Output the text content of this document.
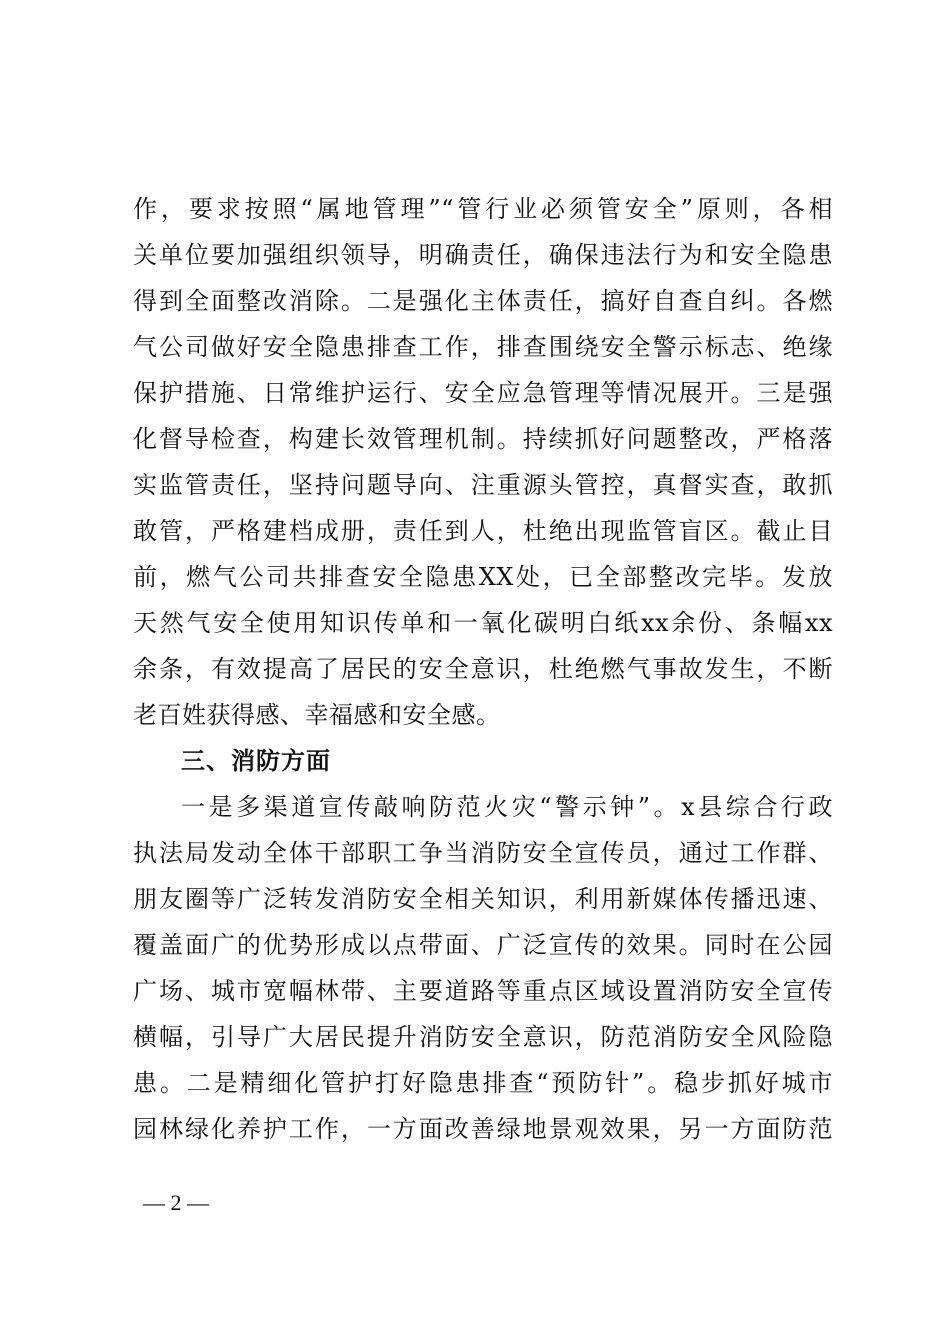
作，要求按照“属地管理”“管行业必须管安全”原则，各相
关单位要加强组织领导，明确责任，确保违法行为和安全隐患
得到全面整改消除。二是强化主体责任，搞好自查自纠。各燃
气公司做好安全隐患排查工作，排查围绕安全警示标志、绝缘
保护措施、日常维护运行、安全应急管理等情况展开。三是强
化督导检查，构建长效管理机制。持续抓好问题整改，严格落
实监管责任，坚持问题导向、注重源头管控，真督实查，敢抓
敢管，严格建档成册，责任到人，杜绝出现监管盲区。截止目
前，燃气公司共排查安全隐患XX处，已全部整改完毕。发放
天然气安全使用知识传单和一氧化碳明白纸xx余份、条幅xx
余条，有效提高了居民的安全意识，杜绝燃气事故发生，不断
老百姓获得感、幸福感和安全感。
三、消防方面
一是多渠道宣传敲响防范火灾“警示钟”。x县综合行政
执法局发动全体干部职工争当消防安全宣传员，通过工作群、
朋友圈等广泛转发消防安全相关知识，利用新媒体传播迅速、
覆盖面广的优势形成以点带面、广泛宣传的效果。同时在公园
广场、城市宽幅林带、主要道路等重点区域设置消防安全宣传
横幅，引导广大居民提升消防安全意识，防范消防安全风险隐
患。二是精细化管护打好隐患排查“预防针”。稳步抓好城市
园林绿化养护工作，一方面改善绿地景观效果，另一方面防范
— 2 —
